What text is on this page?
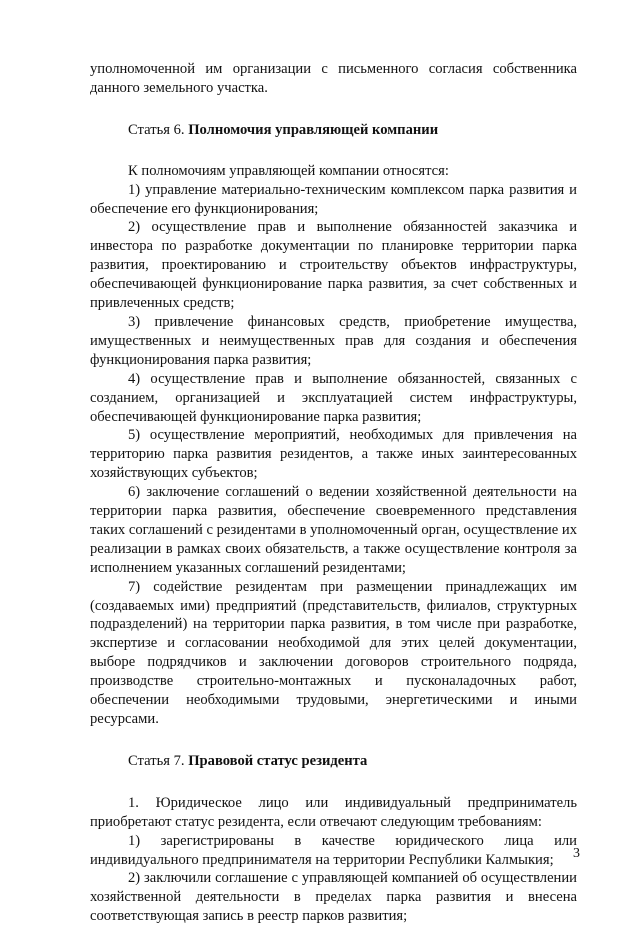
уполномоченной им организации с письменного согласия собственника данного земельного участка.

Статья 6. Полномочия управляющей компании

К полномочиям управляющей компании относятся:

1) управление материально-техническим комплексом парка развития и обеспечение его функционирования;

2) осуществление прав и выполнение обязанностей заказчика и инвестора по разработке документации по планировке территории парка развития, проектированию и строительству объектов инфраструктуры, обеспечивающей функционирование парка развития, за счет собственных и привлеченных средств;

3) привлечение финансовых средств, приобретение имущества, имущественных и неимущественных прав для создания и обеспечения функционирования парка развития;

4) осуществление прав и выполнение обязанностей, связанных с созданием, организацией и эксплуатацией систем инфраструктуры, обеспечивающей функционирование парка развития;

5) осуществление мероприятий, необходимых для привлечения на территорию парка развития резидентов, а также иных заинтересованных хозяйствующих субъектов;

6) заключение соглашений о ведении хозяйственной деятельности на территории парка развития, обеспечение своевременного представления таких соглашений с резидентами в уполномоченный орган, осуществление их реализации в рамках своих обязательств, а также осуществление контроля за исполнением указанных соглашений резидентами;

7) содействие резидентам при размещении принадлежащих им (создаваемых ими) предприятий (представительств, филиалов, структурных подразделений) на территории парка развития, в том числе при разработке, экспертизе и согласовании необходимой для этих целей документации, выборе подрядчиков и заключении договоров строительного подряда, производстве строительно-монтажных и пусконаладочных работ, обеспечении необходимыми трудовыми, энергетическими и иными ресурсами.

Статья 7. Правовой статус резидента

1. Юридическое лицо или индивидуальный предприниматель приобретают статус резидента, если отвечают следующим требованиям:

1) зарегистрированы в качестве юридического лица или индивидуального предпринимателя на территории Республики Калмыкия;

2) заключили соглашение с управляющей компанией об осуществлении хозяйственной деятельности в пределах парка развития и внесена соответствующая запись в реестр парков развития;

3
